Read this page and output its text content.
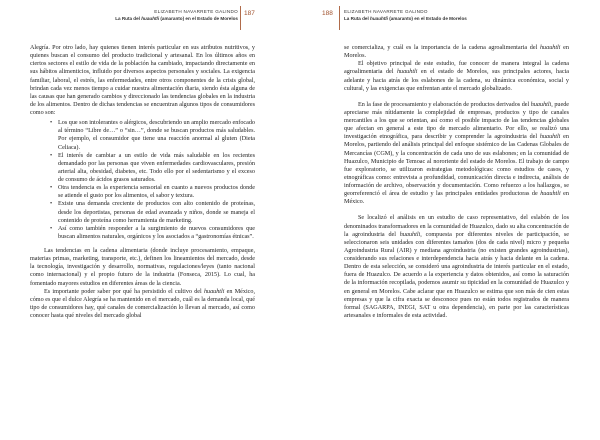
ELIZABETH NAVARRETE GALINDO
La Ruta del huauhtli (amaranto) en el Estado de Morelos
187

Alegría. Por otro lado, hay quienes tienen interés particular en sus atributos nutritivos, y quienes buscan el consumo del producto tradicional y artesanal. En los últimos años en ciertos sectores el estilo de vida de la población ha cambiado, impactando directamente en sus hábitos alimenticios, influido por diversos aspectos personales y sociales. La exigencia familiar, laboral, el estrés, las enfermedades, entre otros componentes de la crisis global, brindan cada vez menos tiempo a cuidar nuestra alimentación diaria, siendo ésta alguna de las causas que han generado cambios y direccionado las tendencias globales en la industria de los alimentos. Dentro de dichas tendencias se encuentran algunos tipos de consumidores como son:

• Los que son intolerantes o alérgicos, descubriendo un amplio mercado enfocado al término “Libre de…” o “sin…”, donde se buscan productos más saludables. Por ejemplo, el consumidor que tiene una reacción anormal al gluten (Dieta Celiaca).
• El interés de cambiar a un estilo de vida más saludable en los recientes demandado por las personas que viven enfermedades cardiovasculares, presión arterial alta, obesidad, diabetes, etc. Todo ello por el sedentarismo y el exceso de consumo de ácidos grasos saturados.
• Otra tendencia es la experiencia sensorial en cuanto a nuevos productos donde se atiende el gusto por los alimentos, el sabor y textura.
• Existe una demanda creciente de productos con alto contenido de proteínas, desde los deportistas, personas de edad avanzada y niños, donde se maneja el contenido de proteína como herramienta de marketing.
• Así como también responder a la surgimiento de nuevos consumidores que buscan alimentos naturales, orgánicos y los asociados a “gastronomías étnicas”.

Las tendencias en la cadena alimentaria (donde incluye procesamiento, empaque, materias primas, marketing, transporte, etc.), definen los lineamientos del mercado, desde la tecnología, investigación y desarrollo, normativas, regulaciones/leyes (tanto nacional como internacional) y el propio futuro de la industria (Fonseca, 2015). Lo cual, ha fomentado mayores estudios en diferentes áreas de la ciencia.

Es importante poder saber por qué ha persistido el cultivo del huauhtli en México, cómo es que el dulce Alegría se ha mantenido en el mercado, cuál es la demanda local, qué tipo de consumidores hay, qué canales de comercialización lo llevan al mercado, así como conocer hasta qué niveles del mercado global

188 ELIZABETH NAVARRETE GALINDO
La Ruta del huauhtli (amaranto) en el Estado de Morelos

se comercializa, y cuál es la importancia de la cadena agroalimentaria del huauhtli en Morelos.

El objetivo principal de este estudio, fue conocer de manera integral la cadena agroalimentaria del huauhtli en el estado de Morelos, sus principales actores, hacia adelante y hacia atrás de los eslabones de la cadena, su dinámica económica, social y cultural, y las exigencias que enfrentan ante el mercado globalizado.

En la fase de procesamiento y elaboración de productos derivados del huauhtli, puede apreciarse más nítidamente la complejidad de empresas, productos y tipo de canales mercantiles a los que se orientan, así como el posible impacto de las tendencias globales que afectan en general a este tipo de mercado alimentario. Por ello, se realizó una investigación etnográfica, para describir y comprender la agroindustria del huauhtli en Morelos, partiendo del análisis principal del enfoque sistémico de las Cadenas Globales de Mercancías (CGM), y la concentración de cada uno de sus eslabones; en la comunidad de Huazulco, Municipio de Temoac al nororiente del estado de Morelos. El trabajo de campo fue exploratorio, se utilizaron estrategias metodológicas: como estudios de casos, y etnográficas como: entrevista a profundidad, comunicación directa e indirecta, análisis de información de archivo, observación y documentación. Como refuerzo a los hallazgos, se georreferenció el área de estudio y las principales entidades productoras de huauhtli en México.

Se localizó el análisis en un estudio de caso representativo, del eslabón de los denominados transformadores en la comunidad de Huazulco, dado su alta concentración de la agroindustria del huauhtli, compuesta por diferentes niveles de participación, se seleccionaron seis unidades con diferentes tamaños (dos de cada nivel) micro y pequeña Agroindustria Rural (AIR) y mediana agroindustria (no existen grandes agroindustrias), considerando sus relaciones e interdependencia hacia atrás y hacia delante en la cadena. Dentro de esta selección, se consideró una agroindustria de interés particular en el estado, fuera de Huazulco. De acuerdo a la experiencia y datos obtenidos, así como la saturación de la información recopilada, podemos asumir su tipicidad en la comunidad de Huazulco y en general en Morelos. Cabe aclarar que en Huazulco se estima que son más de cien estas empresas y que la cifra exacta se desconoce pues no están todos registrados de manera formal (SAGARPA, INEGI, SAT u otra dependencia), en parte por las características artesanales e informales de esta actividad.
